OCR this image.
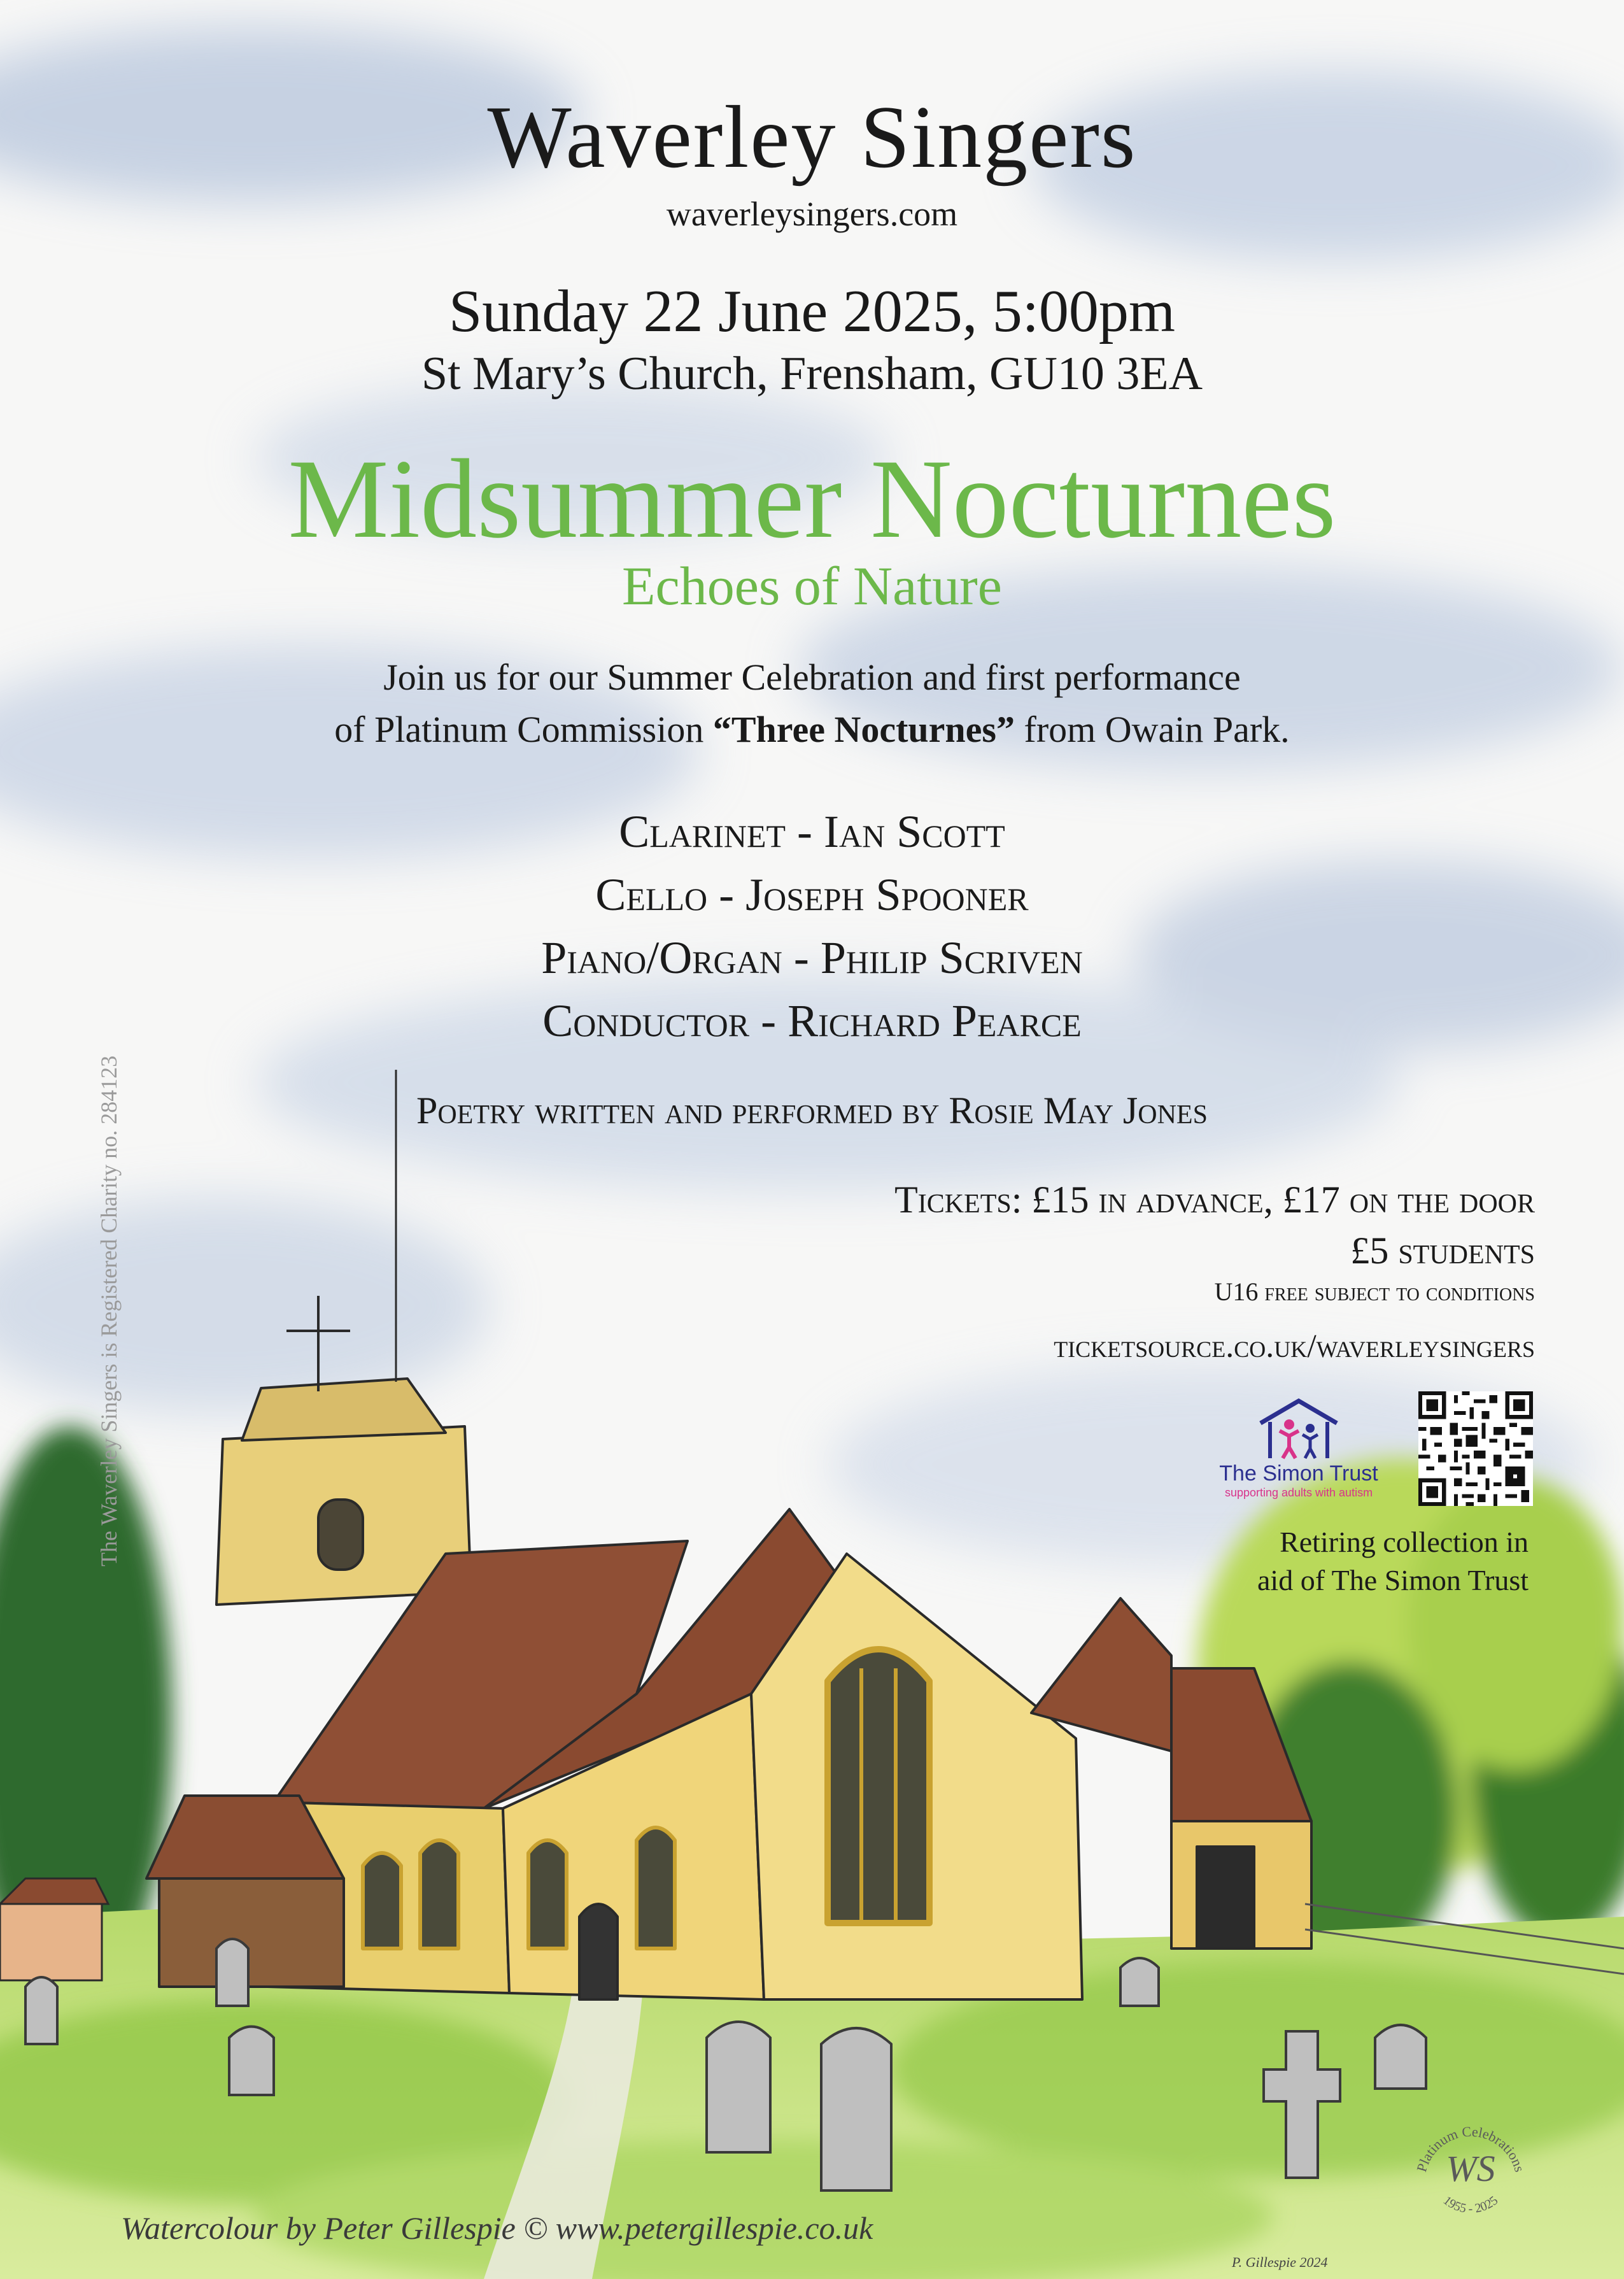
Waverley Singers
waverleysingers.com
Sunday 22 June 2025, 5:00pm
St Mary’s Church, Frensham, GU10 3EA
Midsummer Nocturnes
Echoes of Nature
Join us for our Summer Celebration and first performance
of Platinum Commission “Three Nocturnes” from Owain Park.
Clarinet - Ian Scott
Cello - Joseph Spooner
Piano/Organ - Philip Scriven
Conductor - Richard Pearce
Poetry written and performed by Rosie May Jones
Tickets: £15 in advance, £17 on the door
£5 students
U16 free subject to conditions
ticketsource.co.uk/waverleysingers
The Simon Trust
supporting adults with autism
Retiring collection in
aid of The Simon Trust
The Waverley Singers is Registered Charity no. 284123
Platinum Celebrations
1955 - 2025
WS
Watercolour by Peter Gillespie © www.petergillespie.co.uk
P. Gillespie 2024
